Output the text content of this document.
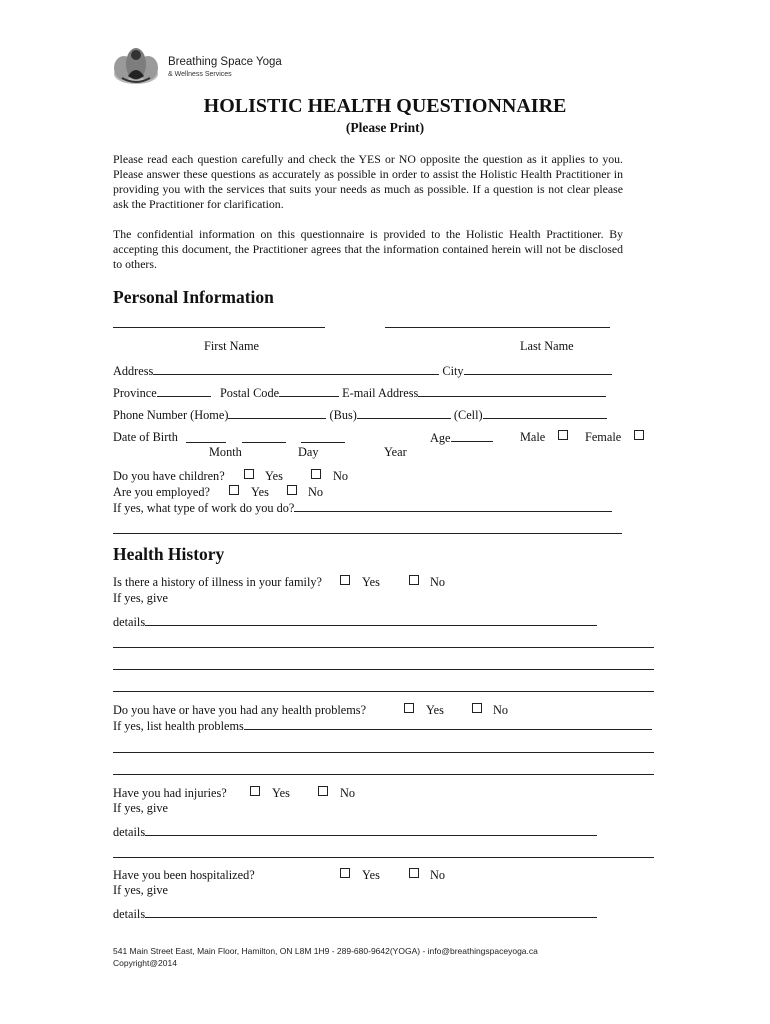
Breathing Space Yoga
& Wellness Services
HOLISTIC HEALTH QUESTIONNAIRE
(Please Print)
Please read each question carefully and check the YES or NO opposite the question as it applies to you. Please answer these questions as accurately as possible in order to assist the Holistic Health Practitioner in providing you with the services that suits your needs as much as possible. If a question is not clear please ask the Practitioner for clarification.
The confidential information on this questionnaire is provided to the Holistic Health Practitioner. By accepting this document, the Practitioner agrees that the information contained herein will not be disclosed to others.
Personal Information
First Name	Last Name
Address	City
Province	Postal Code	E-mail Address
Phone Number (Home)	(Bus)	(Cell)
Date of Birth
Month	Day	Year
Age	Male	Female
Do you have children?	Yes	No
Are you employed?	Yes	No
If yes, what type of work do you do?
Health History
Is there a history of illness in your family?	Yes	No
If yes, give
details
Do you have or have you had any health problems?	Yes	No
If yes, list health problems
Have you had injuries?	Yes	No
If yes, give
details
Have you been hospitalized?	Yes	No
If yes, give
details
541 Main Street East, Main Floor, Hamilton, ON L8M 1H9 - 289-680-9642(YOGA) - info@breathingspaceyoga.ca
Copyright@2014
